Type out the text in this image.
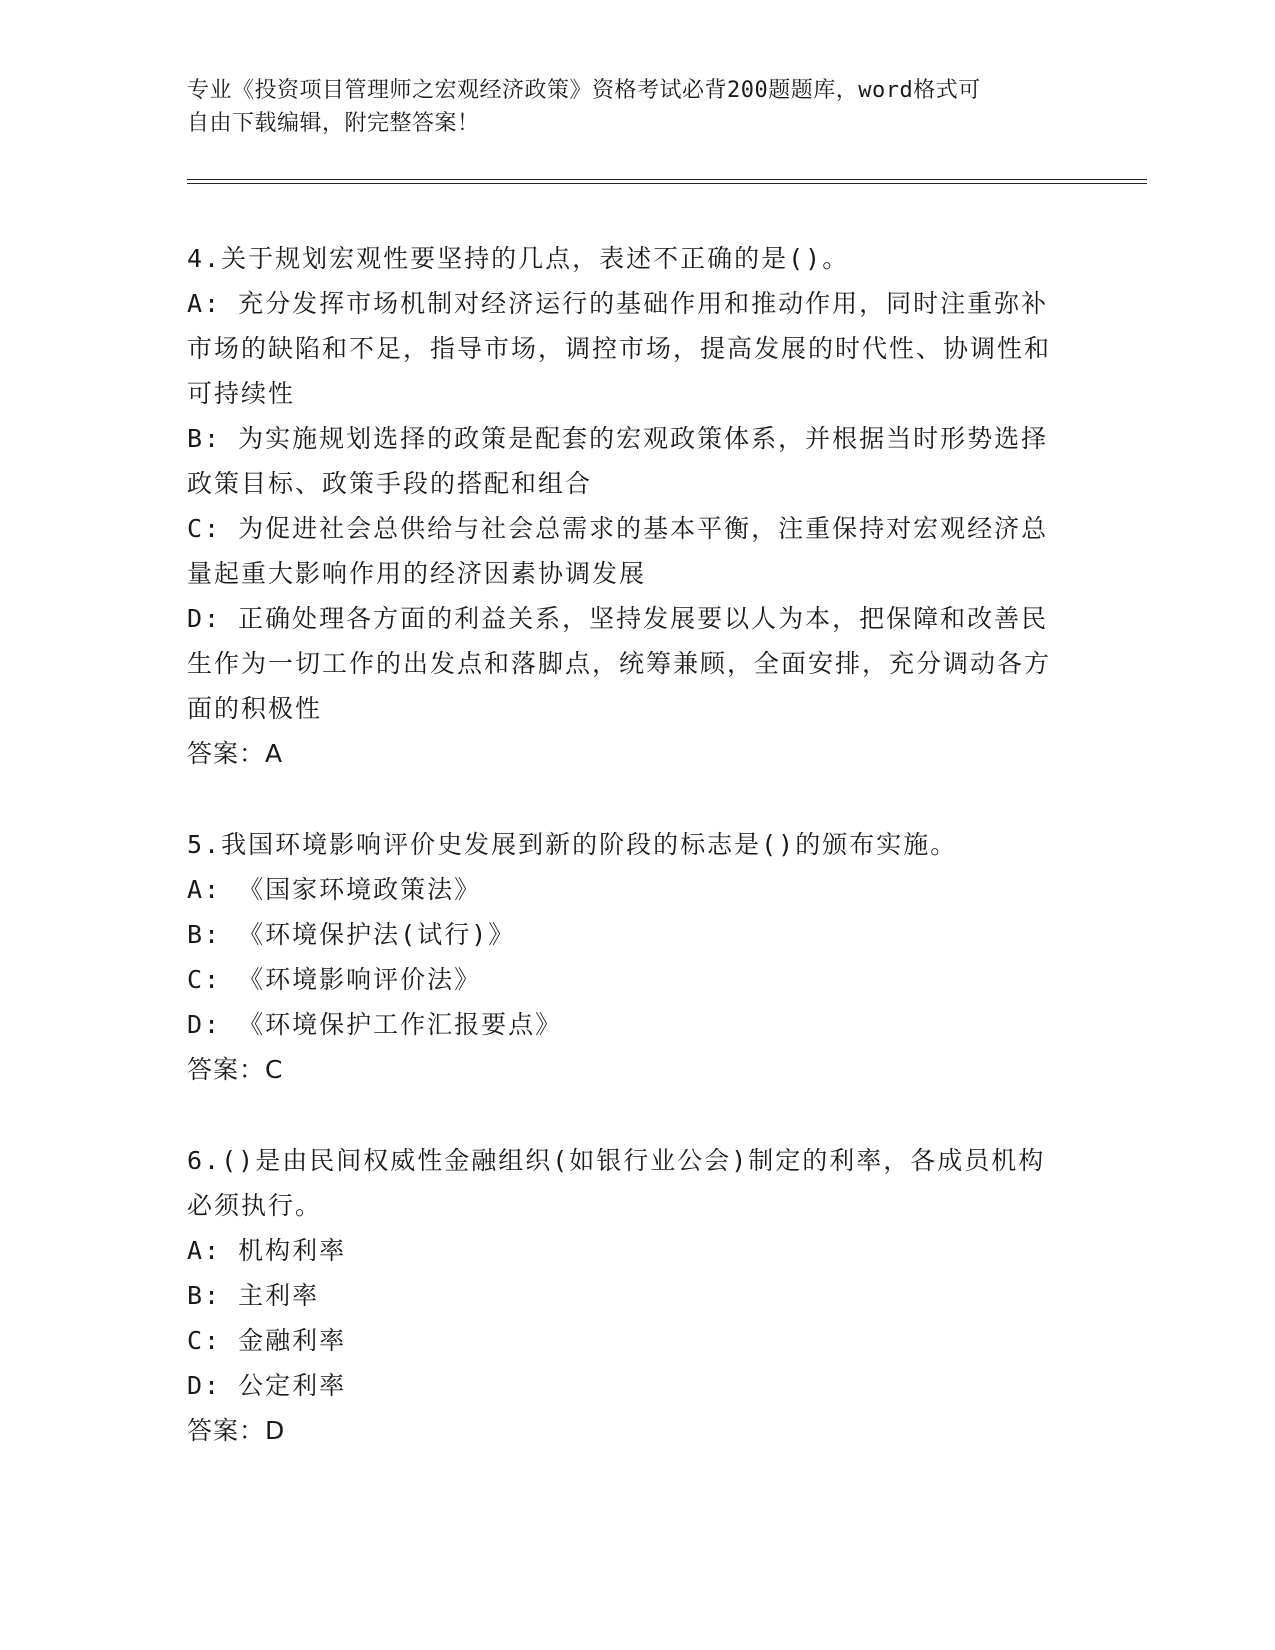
专业《投资项目管理师之宏观经济政策》资格考试必背200题题库，word格式可
自由下载编辑，附完整答案！
4.关于规划宏观性要坚持的几点，表述不正确的是()。
A: 充分发挥市场机制对经济运行的基础作用和推动作用，同时注重弥补市场的缺陷和不足，指导市场，调控市场，提高发展的时代性、协调性和可持续性
B: 为实施规划选择的政策是配套的宏观政策体系，并根据当时形势选择政策目标、政策手段的搭配和组合
C: 为促进社会总供给与社会总需求的基本平衡，注重保持对宏观经济总量起重大影响作用的经济因素协调发展
D: 正确处理各方面的利益关系，坚持发展要以人为本，把保障和改善民生作为一切工作的出发点和落脚点，统筹兼顾，全面安排，充分调动各方面的积极性
答案：A
5.我国环境影响评价史发展到新的阶段的标志是()的颁布实施。
A: 《国家环境政策法》
B: 《环境保护法(试行)》
C: 《环境影响评价法》
D: 《环境保护工作汇报要点》
答案：C
6.()是由民间权威性金融组织(如银行业公会)制定的利率，各成员机构必须执行。
A: 机构利率
B: 主利率
C: 金融利率
D: 公定利率
答案：D
